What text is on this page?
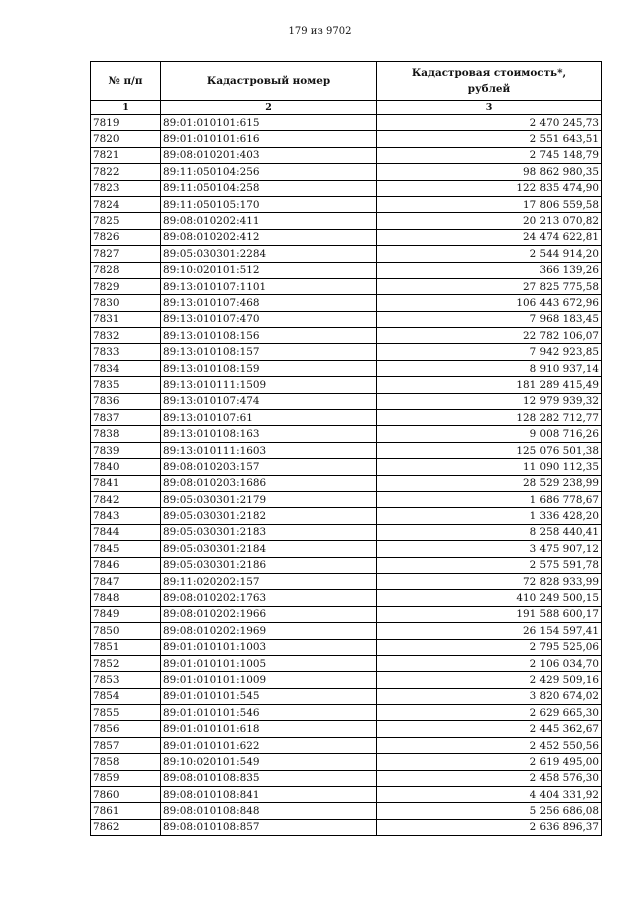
179 из 9702
№ п/п	Кадастровый номер	Кадастровая стоимость*,
рублей
1	2	3
7819	89:01:010101:615	2 470 245,73
7820	89:01:010101:616	2 551 643,51
7821	89:08:010201:403	2 745 148,79
7822	89:11:050104:256	98 862 980,35
7823	89:11:050104:258	122 835 474,90
7824	89:11:050105:170	17 806 559,58
7825	89:08:010202:411	20 213 070,82
7826	89:08:010202:412	24 474 622,81
7827	89:05:030301:2284	2 544 914,20
7828	89:10:020101:512	366 139,26
7829	89:13:010107:1101	27 825 775,58
7830	89:13:010107:468	106 443 672,96
7831	89:13:010107:470	7 968 183,45
7832	89:13:010108:156	22 782 106,07
7833	89:13:010108:157	7 942 923,85
7834	89:13:010108:159	8 910 937,14
7835	89:13:010111:1509	181 289 415,49
7836	89:13:010107:474	12 979 939,32
7837	89:13:010107:61	128 282 712,77
7838	89:13:010108:163	9 008 716,26
7839	89:13:010111:1603	125 076 501,38
7840	89:08:010203:157	11 090 112,35
7841	89:08:010203:1686	28 529 238,99
7842	89:05:030301:2179	1 686 778,67
7843	89:05:030301:2182	1 336 428,20
7844	89:05:030301:2183	8 258 440,41
7845	89:05:030301:2184	3 475 907,12
7846	89:05:030301:2186	2 575 591,78
7847	89:11:020202:157	72 828 933,99
7848	89:08:010202:1763	410 249 500,15
7849	89:08:010202:1966	191 588 600,17
7850	89:08:010202:1969	26 154 597,41
7851	89:01:010101:1003	2 795 525,06
7852	89:01:010101:1005	2 106 034,70
7853	89:01:010101:1009	2 429 509,16
7854	89:01:010101:545	3 820 674,02
7855	89:01:010101:546	2 629 665,30
7856	89:01:010101:618	2 445 362,67
7857	89:01:010101:622	2 452 550,56
7858	89:10:020101:549	2 619 495,00
7859	89:08:010108:835	2 458 576,30
7860	89:08:010108:841	4 404 331,92
7861	89:08:010108:848	5 256 686,08
7862	89:08:010108:857	2 636 896,37
